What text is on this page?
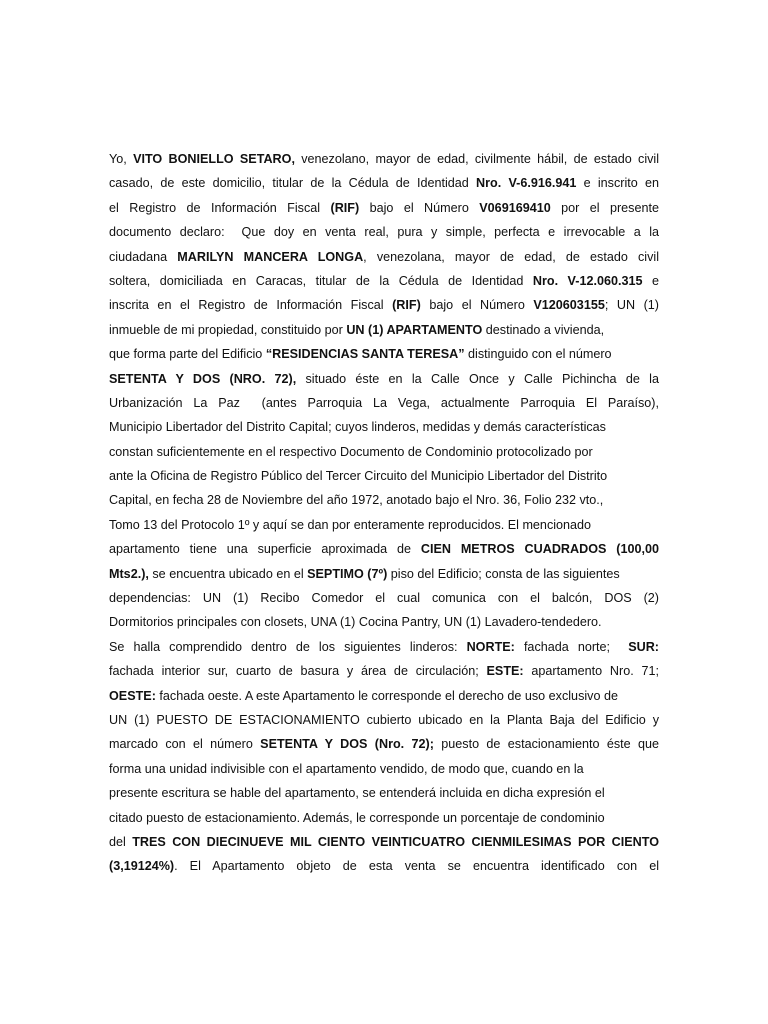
Yo, VITO BONIELLO SETARO, venezolano, mayor de edad, civilmente hábil, de estado civil
casado, de este domicilio, titular de la Cédula de Identidad Nro. V-6.916.941 e inscrito en
el Registro de Información Fiscal (RIF) bajo el Número V069169410 por el presente
documento declaro:  Que doy en venta real, pura y simple, perfecta e irrevocable a la
ciudadana MARILYN MANCERA LONGA, venezolana, mayor de edad, de estado civil
soltera, domiciliada en Caracas, titular de la Cédula de Identidad Nro. V-12.060.315 e
inscrita en el Registro de Información Fiscal (RIF) bajo el Número V120603155; UN (1)
inmueble de mi propiedad, constituido por UN (1) APARTAMENTO destinado a vivienda,
que forma parte del Edificio “RESIDENCIAS SANTA TERESA” distinguido con el número
SETENTA Y DOS (NRO. 72), situado éste en la Calle Once y Calle Pichincha de la
Urbanización La Paz  (antes Parroquia La Vega, actualmente Parroquia El Paraíso),
Municipio Libertador del Distrito Capital; cuyos linderos, medidas y demás características
constan suficientemente en el respectivo Documento de Condominio protocolizado por
ante la Oficina de Registro Público del Tercer Circuito del Municipio Libertador del Distrito
Capital, en fecha 28 de Noviembre del año 1972, anotado bajo el Nro. 36, Folio 232 vto.,
Tomo 13 del Protocolo 1º y aquí se dan por enteramente reproducidos. El mencionado
apartamento tiene una superficie aproximada de CIEN METROS CUADRADOS (100,00
Mts2.), se encuentra ubicado en el SEPTIMO (7º) piso del Edificio; consta de las siguientes
dependencias: UN (1) Recibo Comedor el cual comunica con el balcón, DOS (2)
Dormitorios principales con closets, UNA (1) Cocina Pantry, UN (1) Lavadero-tendedero.
Se halla comprendido dentro de los siguientes linderos: NORTE: fachada norte;  SUR:
fachada interior sur, cuarto de basura y área de circulación; ESTE: apartamento Nro. 71;
OESTE: fachada oeste. A este Apartamento le corresponde el derecho de uso exclusivo de
UN (1) PUESTO DE ESTACIONAMIENTO cubierto ubicado en la Planta Baja del Edificio y
marcado con el número SETENTA Y DOS (Nro. 72); puesto de estacionamiento éste que
forma una unidad indivisible con el apartamento vendido, de modo que, cuando en la
presente escritura se hable del apartamento, se entenderá incluida en dicha expresión el
citado puesto de estacionamiento. Además, le corresponde un porcentaje de condominio
del TRES CON DIECINUEVE MIL CIENTO VEINTICUATRO CIENMILESIMAS POR CIENTO
(3,19124%). El Apartamento objeto de esta venta se encuentra identificado con el
